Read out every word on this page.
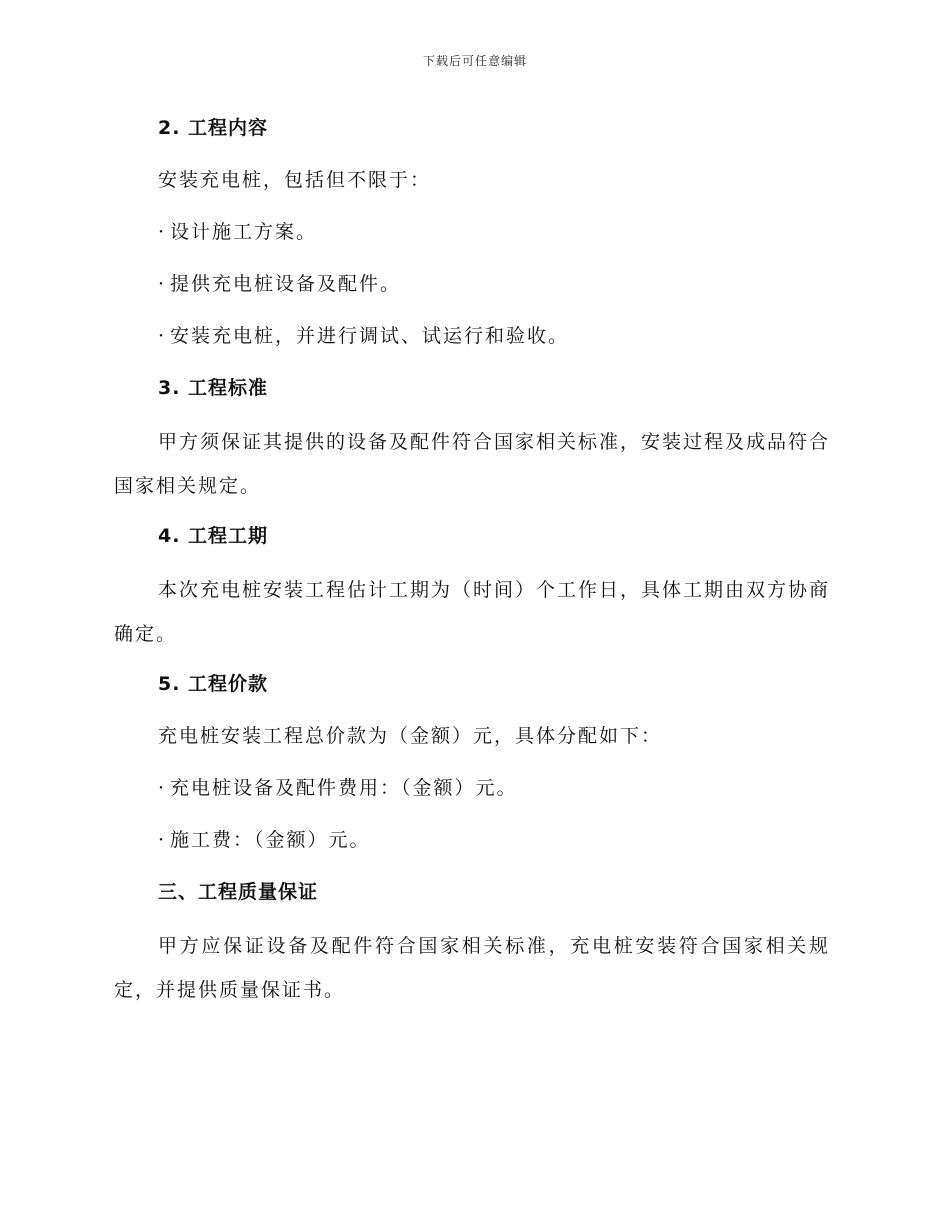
下载后可任意编辑
2. 工程内容
安装充电桩，包括但不限于：
· 设计施工方案。
· 提供充电桩设备及配件。
· 安装充电桩，并进行调试、试运行和验收。
3. 工程标准
甲方须保证其提供的设备及配件符合国家相关标准，安装过程及成品符合国家相关规定。
4. 工程工期
本次充电桩安装工程估计工期为（时间）个工作日，具体工期由双方协商确定。
5. 工程价款
充电桩安装工程总价款为（金额）元，具体分配如下：
· 充电桩设备及配件费用：（金额）元。
· 施工费：（金额）元。
三、工程质量保证
甲方应保证设备及配件符合国家相关标准，充电桩安装符合国家相关规定，并提供质量保证书。
